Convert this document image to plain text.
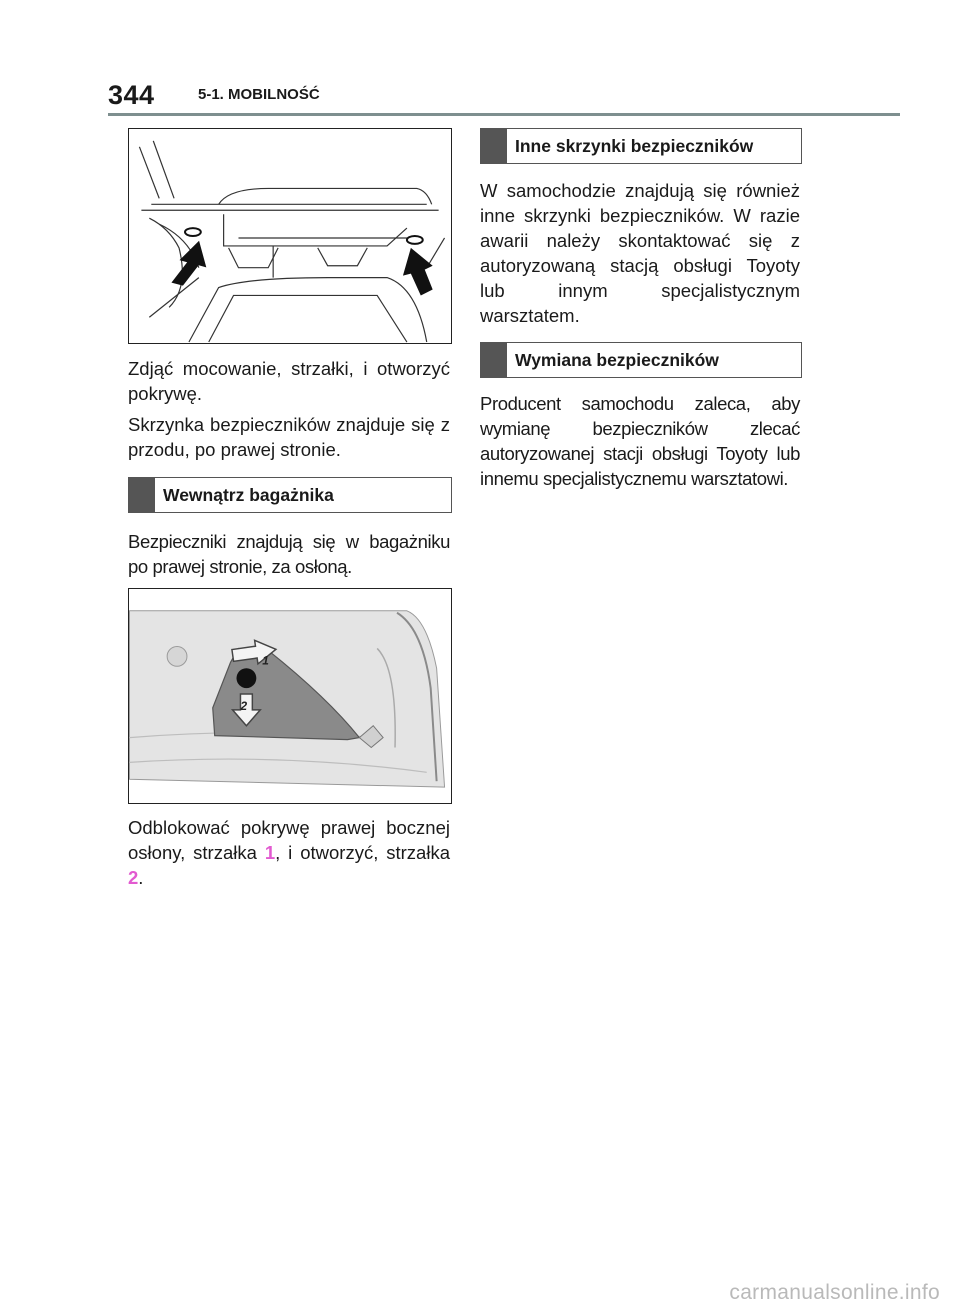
344	5-1. MOBILNOŚĆ
Zdjąć mocowanie, strzałki, i otworzyć pokrywę.
Skrzynka bezpieczników znajduje się z przodu, po prawej stronie.
Wewnątrz bagażnika
Bezpieczniki znajdują się w bagażniku po prawej stronie, za osłoną.
1
2
Odblokować pokrywę prawej bocznej osłony, strzałka 1, i otworzyć, strzałka 2.
Inne skrzynki bezpieczników
W samochodzie znajdują się również inne skrzynki bezpieczników. W razie awarii należy skontaktować się z autoryzowaną stacją obsługi Toyoty lub innym specjalistycznym warsztatem.
Wymiana bezpieczników
Producent samochodu zaleca, aby wymianę bezpieczników zlecać autoryzowanej stacji obsługi Toyoty lub innemu specjalistycznemu warsztatowi.
carmanualsonline.info
